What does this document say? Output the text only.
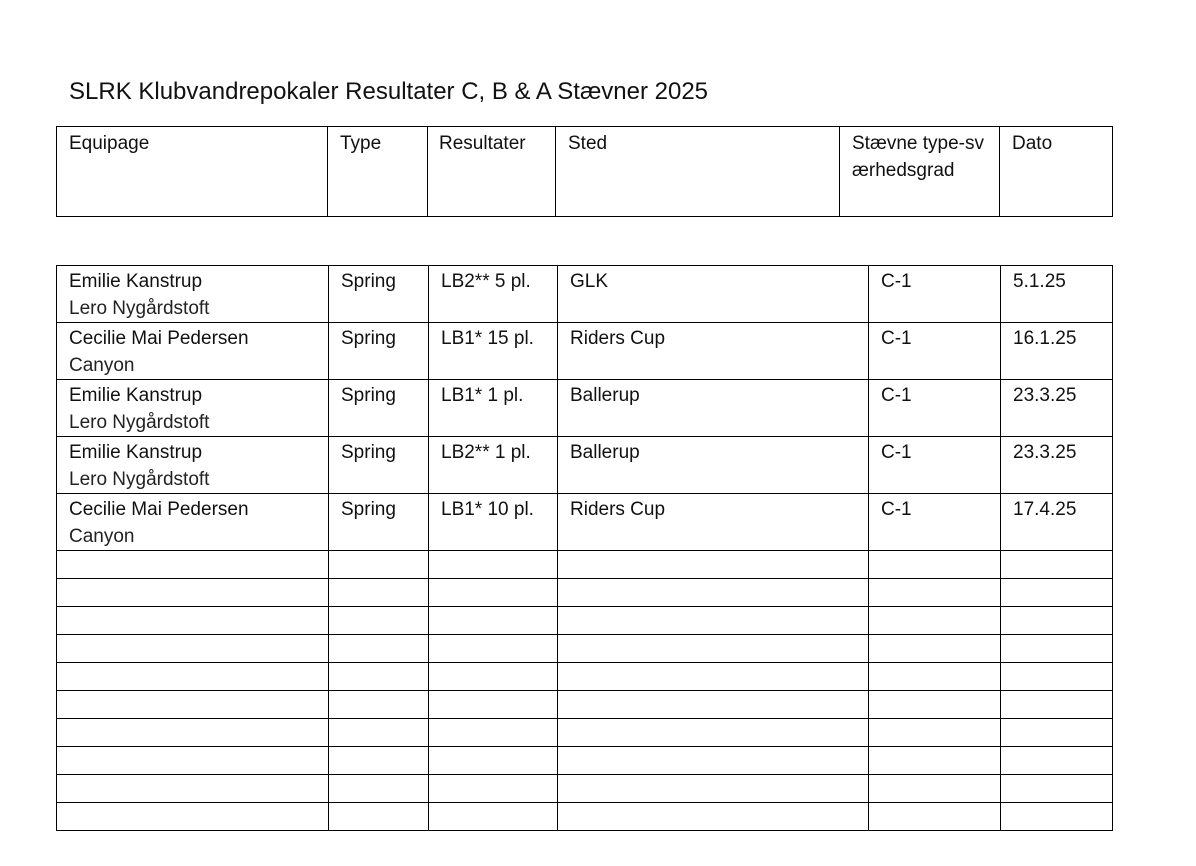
SLRK Klubvandrepokaler Resultater C, B & A Stævner 2025
Equipage	Type	Resultater	Sted	Stævne type-sværhedsgrad	Dato
Emilie Kanstrup
Lero Nygårdstoft	Spring	LB2** 5 pl.	GLK	C-1	5.1.25

Cecilie Mai Pedersen
Canyon	Spring	LB1* 15 pl.	Riders Cup	C-1	16.1.25

Emilie Kanstrup
Lero Nygårdstoft	Spring	LB1* 1 pl.	Ballerup	C-1	23.3.25

Emilie Kanstrup
Lero Nygårdstoft	Spring	LB2** 1 pl.	Ballerup	C-1	23.3.25

Cecilie Mai Pedersen
Canyon	Spring	LB1* 10 pl.	Riders Cup	C-1	17.4.25
